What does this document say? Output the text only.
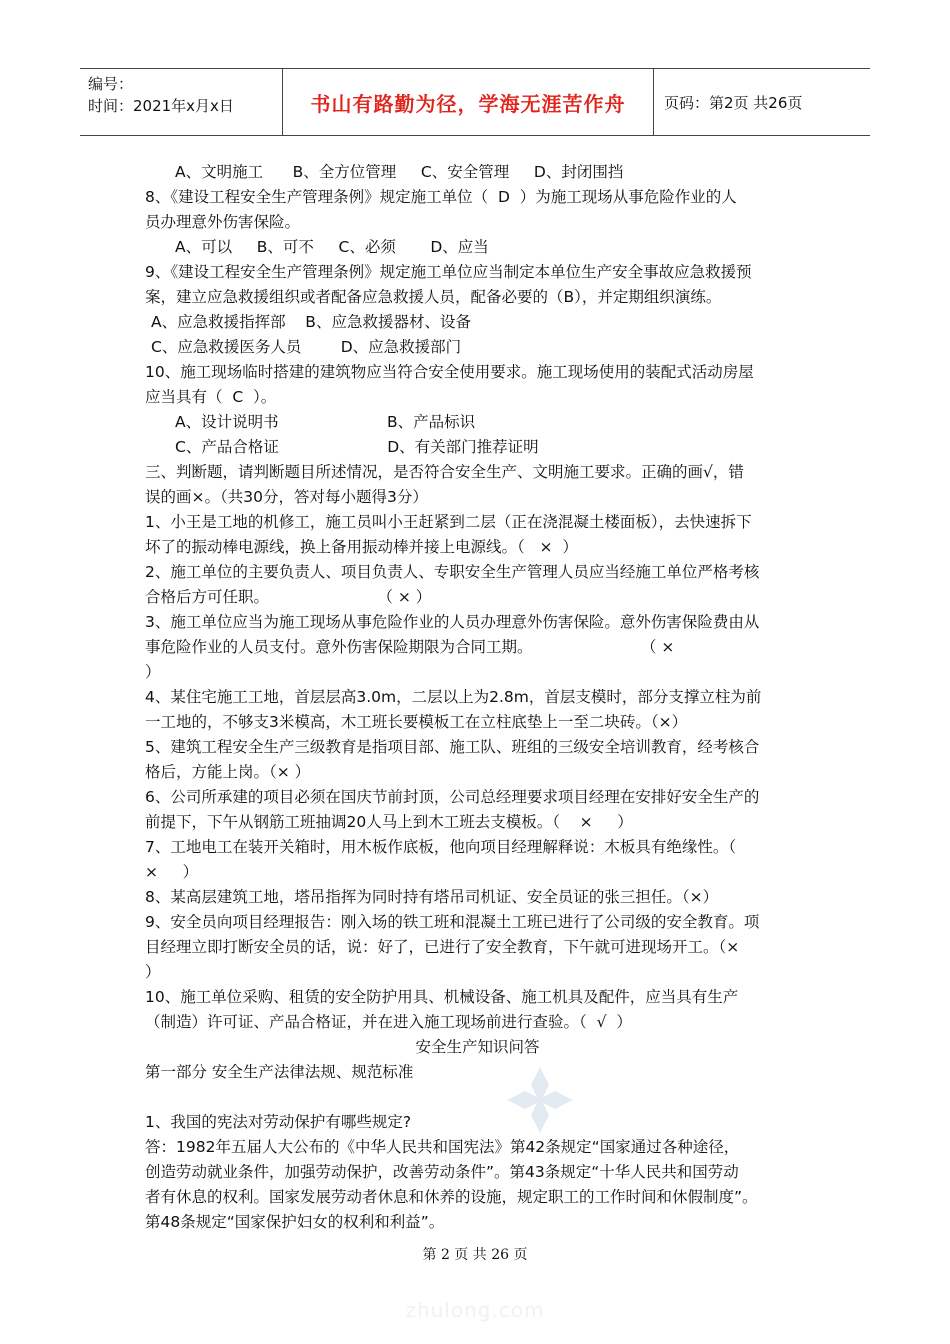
编号：
时间：2021年x月x日	书山有路勤为径，学海无涯苦作舟	页码：第2页 共26页
A、文明施工      B、全方位管理     C、安全管理     D、封闭围挡
8、《建设工程安全生产管理条例》规定施工单位（  D  ）为施工现场从事危险作业的人
员办理意外伤害保险。
A、可以     B、可不     C、必须       D、应当
9、《建设工程安全生产管理条例》规定施工单位应当制定本单位生产安全事故应急救援预
案，建立应急救援组织或者配备应急救援人员，配备必要的（B），并定期组织演练。
A、应急救援指挥部    B、应急救援器材、设备
C、应急救援医务人员        D、应急救援部门
10、施工现场临时搭建的建筑物应当符合安全使用要求。施工现场使用的装配式活动房屋
应当具有（  C  ）。
A、设计说明书                      B、产品标识
C、产品合格证                      D、有关部门推荐证明
三、判断题，请判断题目所述情况，是否符合安全生产、文明施工要求。正确的画√，错
误的画×。（共30分，答对每小题得3分）
1、小王是工地的机修工，施工员叫小王赶紧到二层（正在浇混凝土楼面板），去快速拆下
坏了的振动棒电源线，换上备用振动棒并接上电源线。（   ×  ）
2、施工单位的主要负责人、项目负责人、专职安全生产管理人员应当经施工单位严格考核
合格后方可任职。                      （ × ）
3、施工单位应当为施工现场从事危险作业的人员办理意外伤害保险。意外伤害保险费由从
事危险作业的人员支付。意外伤害保险期限为合同工期。                      （ ×
）
4、某住宅施工工地，首层层高3.0m，二层以上为2.8m，首层支模时，部分支撑立柱为前
一工地的，不够支3米模高，木工班长要模板工在立柱底垫上一至二块砖。（×）
5、建筑工程安全生产三级教育是指项目部、施工队、班组的三级安全培训教育，经考核合
格后，方能上岗。（× ）
6、公司所承建的项目必须在国庆节前封顶，公司总经理要求项目经理在安排好安全生产的
前提下，下午从钢筋工班抽调20人马上到木工班去支模板。（    ×     ）
7、工地电工在装开关箱时，用木板作底板，他向项目经理解释说：木板具有绝缘性。（
×     ）
8、某高层建筑工地，塔吊指挥为同时持有塔吊司机证、安全员证的张三担任。（×）
9、安全员向项目经理报告：刚入场的铁工班和混凝土工班已进行了公司级的安全教育。项
目经理立即打断安全员的话，说：好了，已进行了安全教育，下午就可进现场开工。（×
）
10、施工单位采购、租赁的安全防护用具、机械设备、施工机具及配件，应当具有生产
（制造）许可证、产品合格证，并在进入施工现场前进行查验。（  √  ）
安全生产知识问答
第一部分 安全生产法律法规、规范标准
1、我国的宪法对劳动保护有哪些规定?
答：1982年五届人大公布的《中华人民共和国宪法》第42条规定“国家通过各种途径，
创造劳动就业条件，加强劳动保护，改善劳动条件”。第43条规定“十华人民共和国劳动
者有休息的权利。国家发展劳动者休息和休养的设施，规定职工的工作时间和休假制度”。
第48条规定“国家保护妇女的权利和利益”。
第 2 页 共 26 页
zhulong.com
